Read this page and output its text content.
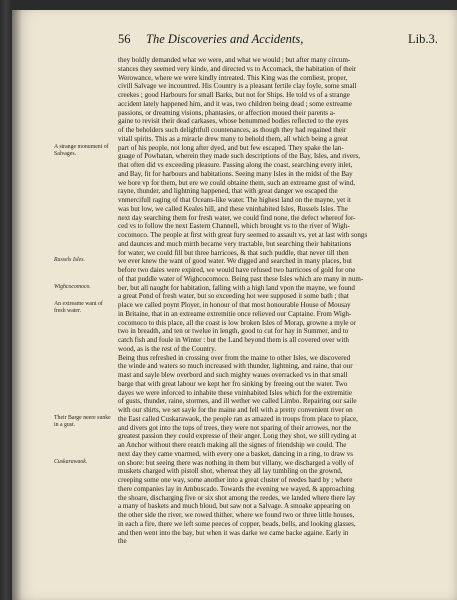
56 The Discoveries and Accidents,	Lib.3.
A strange monument of Salvages.
Russels Isles.
Wighcocomoco.
An extreame want of fresh water.
Their Barge neere sunke in a gust.
Cuskarawaok.
they boldly demanded what we were, and what we would ; but after many circum-
stances they seemed very kinde, and directed vs to Accomack, the habitation of their
Werowance, where we were kindly intreated. This King was the comliest, proper,
civill Salvage we incountred. His Country is a pleasant fertile clay foyle, some small
creekes ; good Harbours for small Barks, but not for Ships. He told vs of a strange
accident lately happened him, and it was, two children being dead ; some extreame
passions, or dreaming visions, phantasies, or affection moued their parents a-
gaine to revisit their dead carkases, whose benummed bodies reflected to the eyes
of the beholders such delightfull countenances, as though they had regained their
vitall spirits. This as a miracle drew many to behold them, all which being a great
part of his people, not long after dyed, and but few escaped. They spake the lan-
guage of Powhatan, wherein they made such descriptions of the Bay, Isles, and rivers,
that often did vs exceeding pleasure. Passing along the coast, searching every inlet,
and Bay, fit for harbours and habitations. Seeing many Isles in the midst of the Bay
we bore vp for them, but ere we could obtaine them, such an extreame gust of wind,
rayne, thunder, and lightning happened, that with great danger we escaped the
vnmercifull raging of that Oceans-like water. The highest land on the mayne, yet it
was but low, we called Keales hill, and these vninhabited Isles, Russels Isles. The
next day searching them for fresh water, we could find none, the defect whereof for-
ced vs to follow the next Eastern Channell, which brought vs to the river of Wigh-
cocomoco. The people at first with great fury seemed to assault vs, yet at last with songs
and daunces and much mirth became very tractable, but searching their habitations
for water, we could fill but three barricoes, & that such puddle, that never till then
we ever knew the want of good water. We digged and searched in many places, but
before two daies were expired, we would have refused two barricoes of gold for one
of that puddle water of Wighcocomoco. Being past these Isles which are many in num-
ber, but all naught for habitation, falling with a high land vpon the mayne, we found
a great Pond of fresh water, but so exceeding hot wee supposed it some bath ; that
place we called poynt Ployer, in honour of that most honourable House of Mousay
in Britaine, that in an extreame extremitie once relieved our Captaine. From Wigh-
cocomoco to this place, all the coast is low broken Isles of Morap, growne a myle or
two in breadth, and ten or twelue in length, good to cut for hay in Summer, and to
catch fish and foule in Winter : but the Land beyond them is all covered over with
wood, as is the rest of the Country.
Being thus refreshed in crossing over from the maine to other Isles, we discovered
the winde and waters so much increased with thunder, lightning, and raine, that our
mast and sayle blew overbord and such mighty waues overracked vs in that small
barge that with great labour we kept her fro sinking by freeing out the water. Two
dayes we were inforced to inhabite these vninhabited Isles which for the extremitie
of gusts, thunder, raine, stormes, and ill wether we called Limbo. Repairing our saile
with our shirts, we set sayle for the maine and fell with a pretty convenient river on
the East called Cuskarawaok, the people ran as amazed in troups from place to place,
and divers got into the tops of trees, they were not sparing of their arrowes, nor the
greatest passion they could expresse of their anger. Long they shot, we still ryding at
an Anchor without there reatch making all the signes of friendship we could. The
next day they came vnarmed, with every one a basket, dancing in a ring, to draw vs
on shore: but seeing there was nothing in them but villany, we discharged a volly of
muskets charged with pistoll shot, whereat they all lay tumbling on the grownd,
creeping some one way, some another into a great cluster of reedes hard by ; where
there companies lay in Ambuscado. Towards the evening we wayed, & approaching
the shoare, discharging five or six shot among the reedes, we landed where there lay
a many of baskets and much bloud, but saw not a Salvage. A smoake appearing on
the other side the river, we rowed thither, where we found two or three little houses,
in each a fire, there we left some peeces of copper, beads, bells, and looking glasses,
and then went into the bay, but when it was darke we came backe againe. Early in
the
